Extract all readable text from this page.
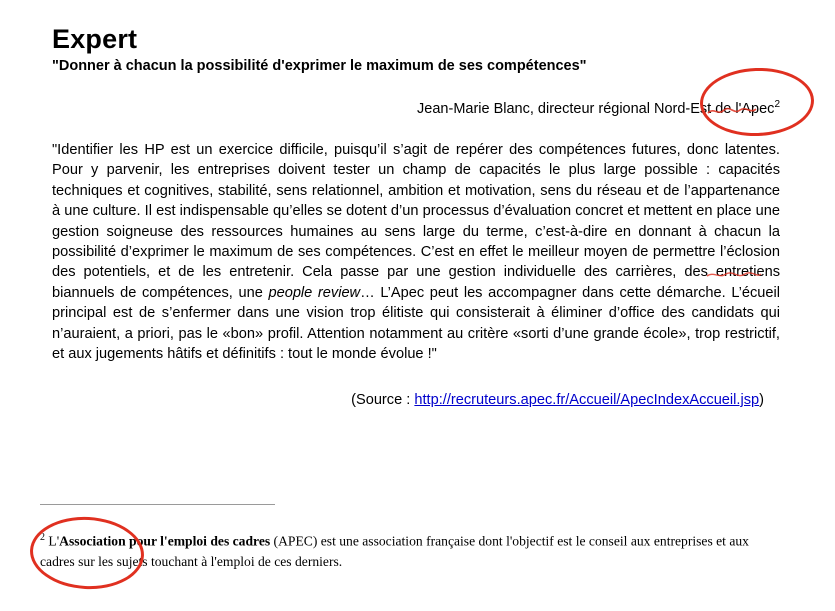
Expert
"Donner à chacun la possibilité d'exprimer le maximum de ses compétences"
Jean-Marie Blanc, directeur régional Nord-Est de l'Apec$^2$
"Identifier les HP est un exercice difficile, puisqu’il s’agit de repérer des compétences futures, donc latentes. Pour y parvenir, les entreprises doivent tester un champ de capacités le plus large possible : capacités techniques et cognitives, stabilité, sens relationnel, ambition et motivation, sens du réseau et de l’appartenance à une culture. Il est indispensable qu’elles se dotent d’un processus d’évaluation concret et mettent en place une gestion soigneuse des ressources humaines au sens large du terme, c’est-à-dire en donnant à chacun la possibilité d’exprimer le maximum de ses compétences. C’est en effet le meilleur moyen de permettre l’éclosion des potentiels, et de les entretenir. Cela passe par une gestion individuelle des carrières, des entretiens biannuels de compétences, une people review… L’Apec peut les accompagner dans cette démarche. L’écueil principal est de s’enfermer dans une vision trop élitiste qui consisterait à éliminer d’office des candidats qui n’auraient, a priori, pas le «bon» profil. Attention notamment au critère «sorti d’une grande école», trop restrictif, et aux jugements hâtifs et définitifs : tout le monde évolue !"
(Source : http://recruteurs.apec.fr/Accueil/ApecIndexAccueil.jsp)
$^2$ L'Association pour l'emploi des cadres (APEC) est une association française dont l'objectif est le conseil aux entreprises et aux cadres sur les sujets touchant à l'emploi de ces derniers.
